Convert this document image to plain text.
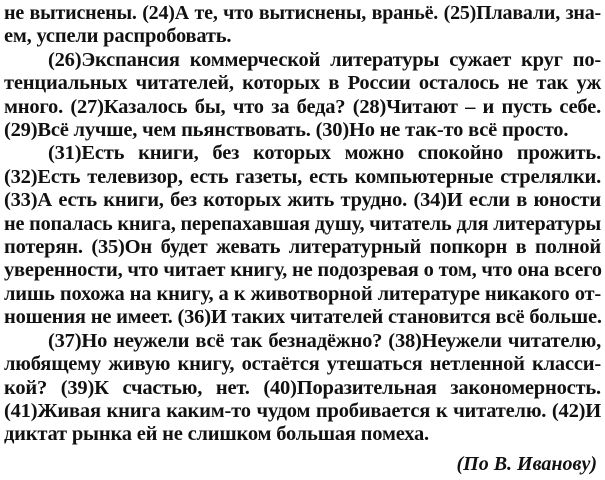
не вытиснены. (24)А те, что вытиснены, враньё. (25)Плавали, зна-
ем, успели распробовать.
(26)Экспансия коммерческой литературы сужает круг по-
тенциальных читателей, которых в России осталось не так уж
много. (27)Казалось бы, что за беда? (28)Читают – и пусть себе.
(29)Всё лучше, чем пьянствовать. (30)Но не так-то всё просто.
(31)Есть книги, без которых можно спокойно прожить.
(32)Есть телевизор, есть газеты, есть компьютерные стрелялки.
(33)А есть книги, без которых жить трудно. (34)И если в юности
не попалась книга, перепахавшая душу, читатель для литературы
потерян. (35)Он будет жевать литературный попкорн в полной
уверенности, что читает книгу, не подозревая о том, что она всего
лишь похожа на книгу, а к животворной литературе никакого от-
ношения не имеет. (36)И таких читателей становится всё больше.
(37)Но неужели всё так безнадёжно? (38)Неужели читателю,
любящему живую книгу, остаётся утешаться нетленной класси-
кой? (39)К счастью, нет. (40)Поразительная закономерность.
(41)Живая книга каким-то чудом пробивается к читателю. (42)И
диктат рынка ей не слишком большая помеха.
(По В. Иванову)
